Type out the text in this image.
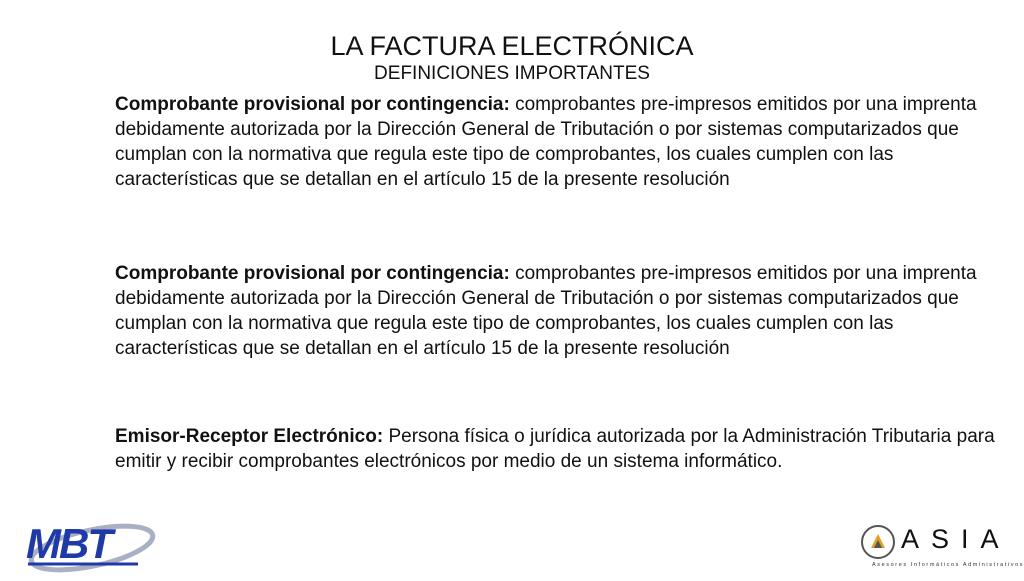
LA FACTURA ELECTRÓNICA
DEFINICIONES IMPORTANTES

Comprobante provisional por contingencia: comprobantes pre-impresos emitidos por una imprenta debidamente autorizada por la Dirección General de Tributación o por sistemas computarizados que cumplan con la normativa que regula este tipo de comprobantes, los cuales cumplen con las características que se detallan en el artículo 15 de la presente resolución

Comprobante provisional por contingencia: comprobantes pre-impresos emitidos por una imprenta debidamente autorizada por la Dirección General de Tributación o por sistemas computarizados que cumplan con la normativa que regula este tipo de comprobantes, los cuales cumplen con las características que se detallan en el artículo 15 de la presente resolución

Emisor-Receptor Electrónico: Persona física o jurídica autorizada por la Administración Tributaria para emitir y recibir comprobantes electrónicos por medio de un sistema informático.

MBT	ASIA
Asesores Informáticos Administrativos
